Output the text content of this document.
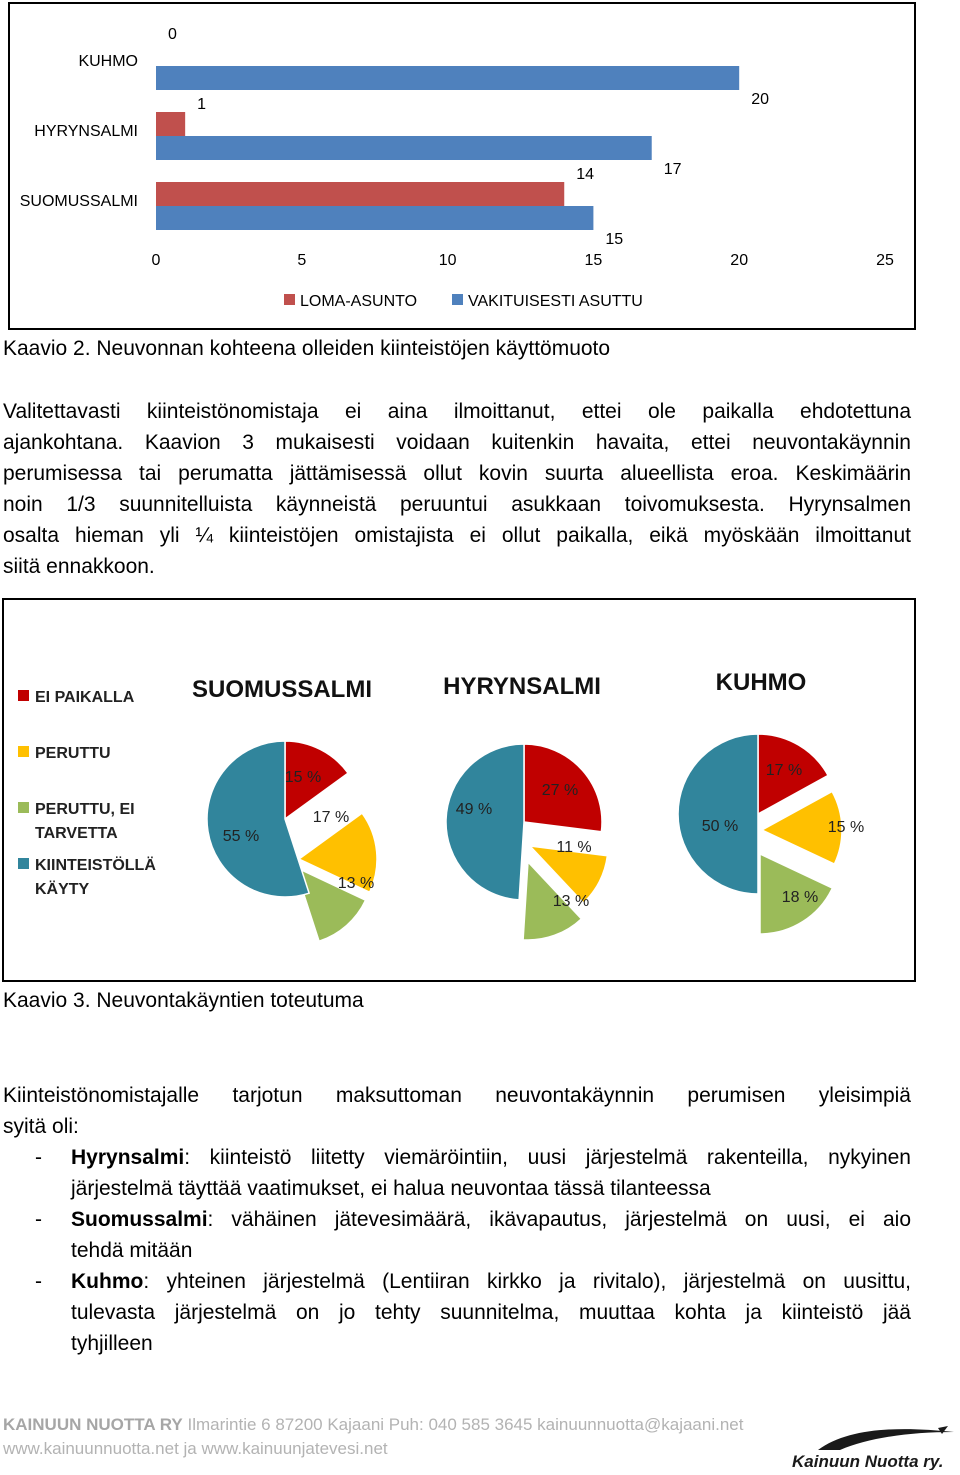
KUHMO
0
20
HYRYNSALMI
1
17
SUOMUSSALMI
14
15
0	5	10	15	20	25
LOMA-ASUNTO	VAKITUISESTI ASUTTU
Kaavio 2. Neuvonnan kohteena olleiden kiinteistöjen käyttömuoto
Valitettavasti kiinteistönomistaja ei aina ilmoittanut, ettei ole paikalla ehdotettuna
ajankohtana. Kaavion 3 mukaisesti voidaan kuitenkin havaita, ettei neuvontakäynnin
perumisessa tai perumatta jättämisessä ollut kovin suurta alueellista eroa. Keskimäärin
noin 1/3 suunnitelluista käynneistä peruuntui asukkaan toivomuksesta. Hyrynsalmen
osalta hieman yli ¼ kiinteistöjen omistajista ei ollut paikalla, eikä myöskään ilmoittanut
siitä ennakkoon.
EI PAIKALLA
PERUTTU
PERUTTU, EI
TARVETTA
KIINTEISTÖLLÄ
KÄYTY
SUOMUSSALMI
15 %
17 %
13 %
55 %
HYRYNSALMI
27 %
11 %
13 %
49 %
KUHMO
17 %
15 %
18 %
50 %
Kaavio 3. Neuvontakäyntien toteutuma
Kiinteistönomistajalle tarjotun maksuttoman neuvontakäynnin perumisen yleisimpiä
syitä oli:
- Hyrynsalmi: kiinteistö liitetty viemäröintiin, uusi järjestelmä rakenteilla, nykyinen
järjestelmä täyttää vaatimukset, ei halua neuvontaa tässä tilanteessa
- Suomussalmi: vähäinen jätevesimäärä, ikävapautus, järjestelmä on uusi, ei aio
tehdä mitään
- Kuhmo: yhteinen järjestelmä (Lentiiran kirkko ja rivitalo), järjestelmä on uusittu,
tulevasta järjestelmä on jo tehty suunnitelma, muuttaa kohta ja kiinteistö jää
tyhjilleen
KAINUUN NUOTTA RY Ilmarintie 6 87200 Kajaani Puh: 040 585 3645 kainuunnuotta@kajaani.net
www.kainuunnuotta.net ja www.kainuunjatevesi.net
Kainuun Nuotta ry.
